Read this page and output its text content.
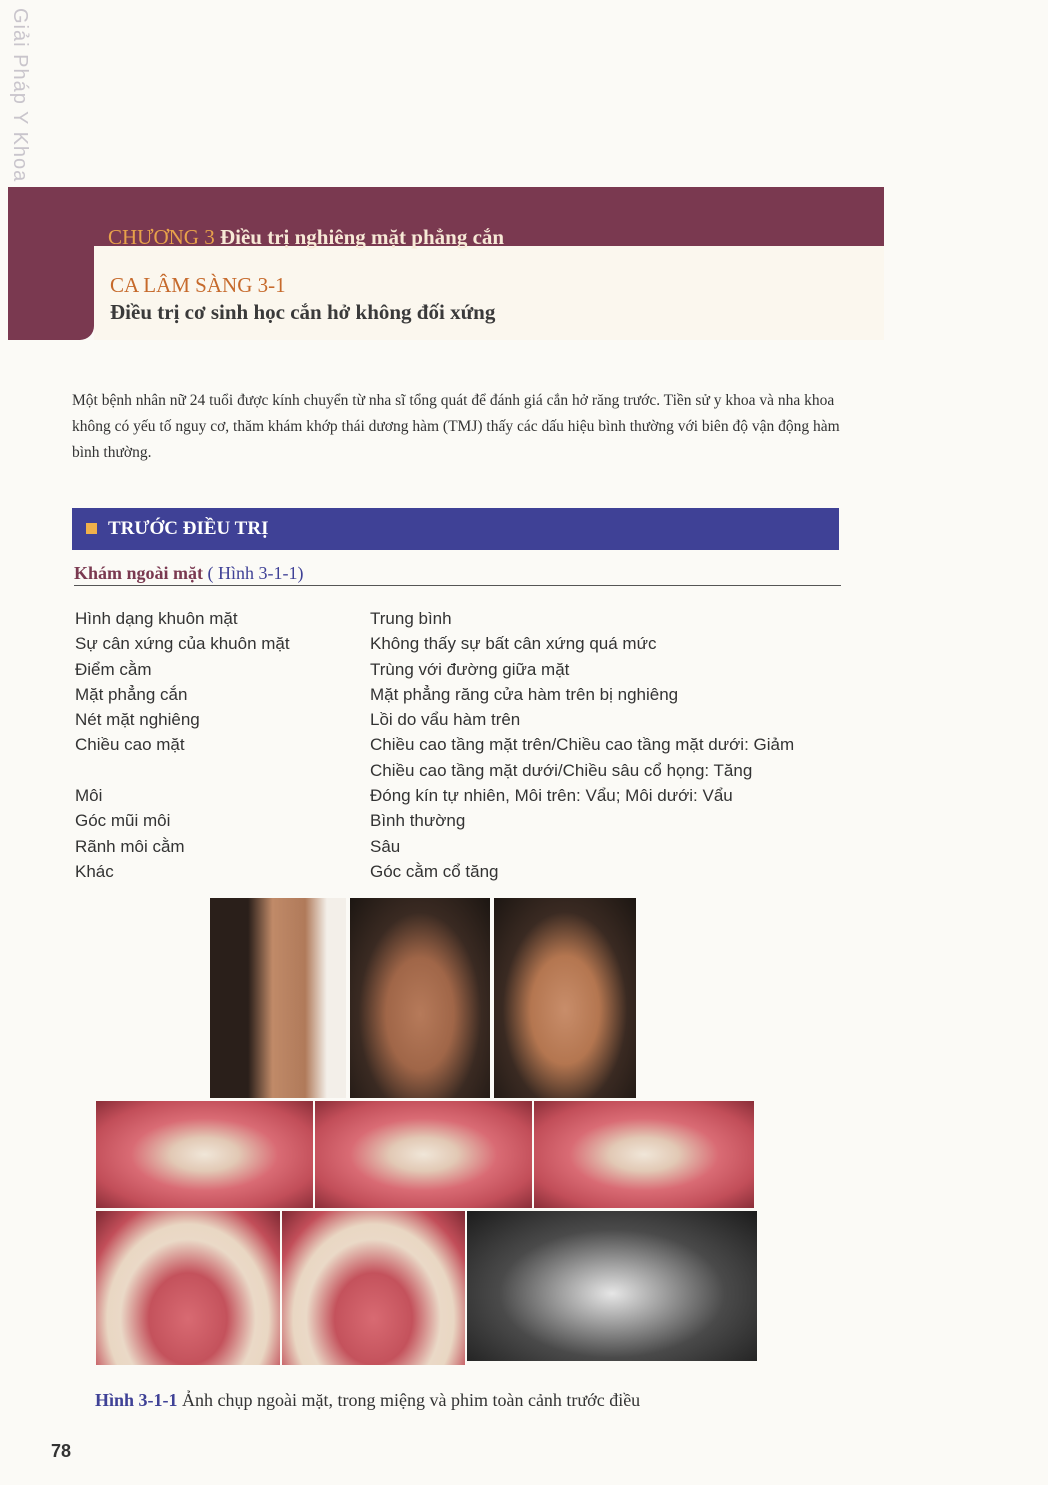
Giải Pháp Y Khoa
CHƯƠNG 3 Điều trị nghiêng mặt phẳng cắn
CA LÂM SÀNG 3-1
Điều trị cơ sinh học cắn hở không đối xứng
Một bệnh nhân nữ 24 tuổi được kính chuyển từ nha sĩ tổng quát để đánh giá cắn hở răng trước. Tiền sử y khoa và nha khoa không có yếu tố nguy cơ, thăm khám khớp thái dương hàm (TMJ) thấy các dấu hiệu bình thường với biên độ vận động hàm bình thường.
TRƯỚC ĐIỀU TRỊ
Khám ngoài mặt ( Hình 3-1-1)
Hình dạng khuôn mặt
Sự cân xứng của khuôn mặt
Điểm cằm
Mặt phẳng cắn
Nét mặt nghiêng
Chiều cao mặt
Môi
Góc mũi môi
Rãnh môi cằm
Khác
Trung bình
Không thấy sự bất cân xứng quá mức
Trùng với đường giữa mặt
Mặt phẳng răng cửa hàm trên bị nghiêng
Lồi do vẩu hàm trên
Chiều cao tầng mặt trên/Chiều cao tầng mặt dưới: Giảm
Chiều cao tầng mặt dưới/Chiều sâu cổ họng: Tăng
Đóng kín tự nhiên, Môi trên: Vẩu; Môi dưới: Vẩu
Bình thường
Sâu
Góc cằm cổ tăng
Hình 3-1-1 Ảnh chụp ngoài mặt, trong miệng và phim toàn cảnh trước điều
78
